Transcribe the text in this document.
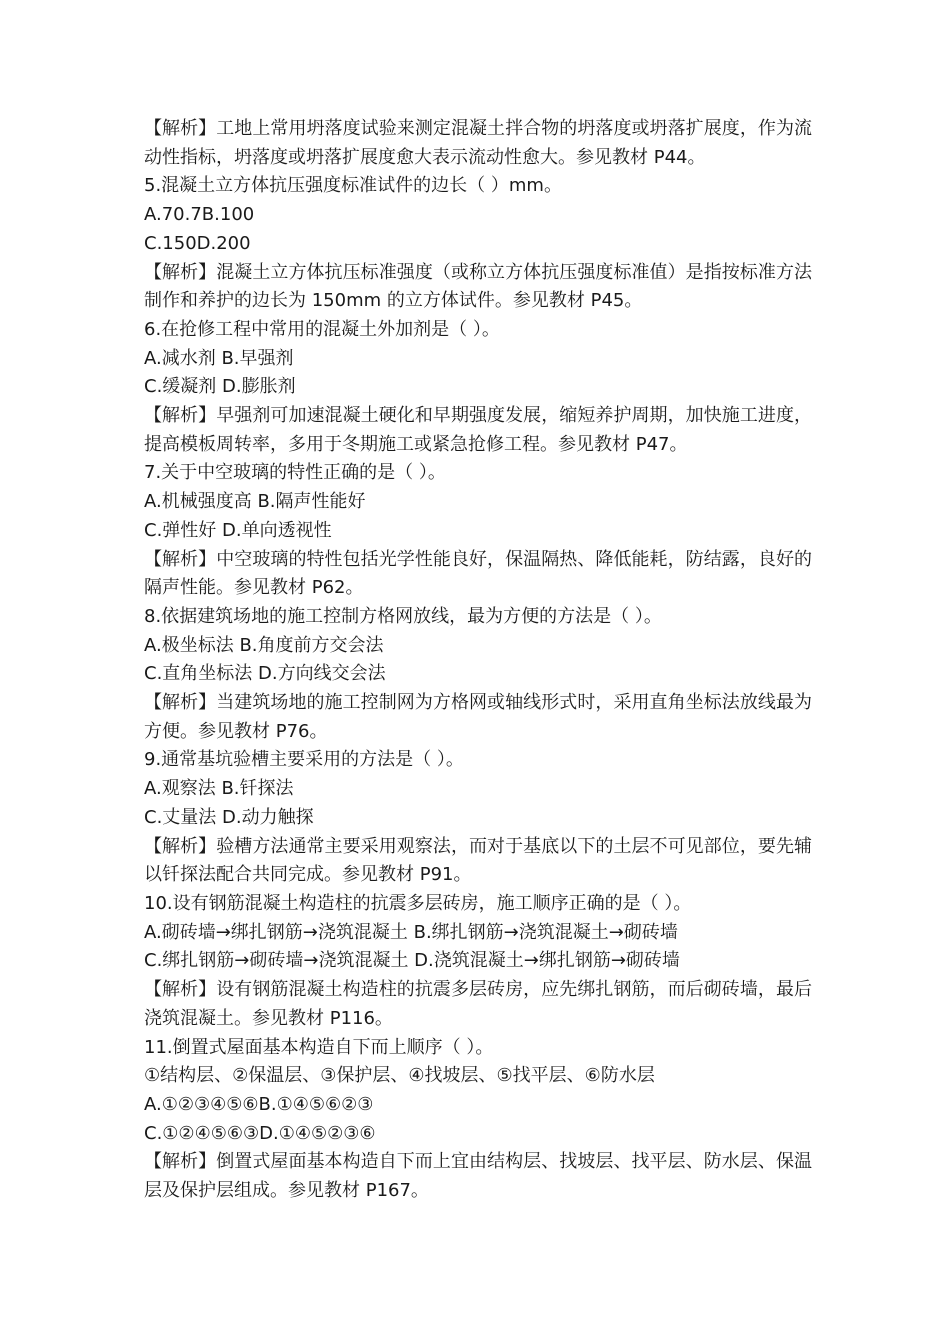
【解析】工地上常用坍落度试验来测定混凝土拌合物的坍落度或坍落扩展度，作为流动性指标，坍落度或坍落扩展度愈大表示流动性愈大。参见教材 P44。
5.混凝土立方体抗压强度标准试件的边长（ ）mm。
A.70.7B.100
C.150D.200
【解析】混凝土立方体抗压标准强度（或称立方体抗压强度标准值）是指按标准方法制作和养护的边长为 150mm 的立方体试件。参见教材 P45。
6.在抢修工程中常用的混凝土外加剂是（ ）。
A.减水剂 B.早强剂
C.缓凝剂 D.膨胀剂
【解析】早强剂可加速混凝土硬化和早期强度发展，缩短养护周期，加快施工进度，提高模板周转率，多用于冬期施工或紧急抢修工程。参见教材 P47。
7.关于中空玻璃的特性正确的是（ ）。
A.机械强度高 B.隔声性能好
C.弹性好 D.单向透视性
【解析】中空玻璃的特性包括光学性能良好，保温隔热、降低能耗，防结露，良好的隔声性能。参见教材 P62。
8.依据建筑场地的施工控制方格网放线，最为方便的方法是（ ）。
A.极坐标法 B.角度前方交会法
C.直角坐标法 D.方向线交会法
【解析】当建筑场地的施工控制网为方格网或轴线形式时，采用直角坐标法放线最为方便。参见教材 P76。
9.通常基坑验槽主要采用的方法是（ ）。
A.观察法 B.钎探法
C.丈量法 D.动力触探
【解析】验槽方法通常主要采用观察法，而对于基底以下的土层不可见部位，要先辅以钎探法配合共同完成。参见教材 P91。
10.设有钢筋混凝土构造柱的抗震多层砖房，施工顺序正确的是（ ）。
A.砌砖墙→绑扎钢筋→浇筑混凝土 B.绑扎钢筋→浇筑混凝土→砌砖墙
C.绑扎钢筋→砌砖墙→浇筑混凝土 D.浇筑混凝土→绑扎钢筋→砌砖墙
【解析】设有钢筋混凝土构造柱的抗震多层砖房，应先绑扎钢筋，而后砌砖墙，最后浇筑混凝土。参见教材 P116。
11.倒置式屋面基本构造自下而上顺序（ ）。
①结构层、②保温层、③保护层、④找坡层、⑤找平层、⑥防水层
A.①②③④⑤⑥B.①④⑤⑥②③
C.①②④⑤⑥③D.①④⑤②③⑥
【解析】倒置式屋面基本构造自下而上宜由结构层、找坡层、找平层、防水层、保温层及保护层组成。参见教材 P167。
